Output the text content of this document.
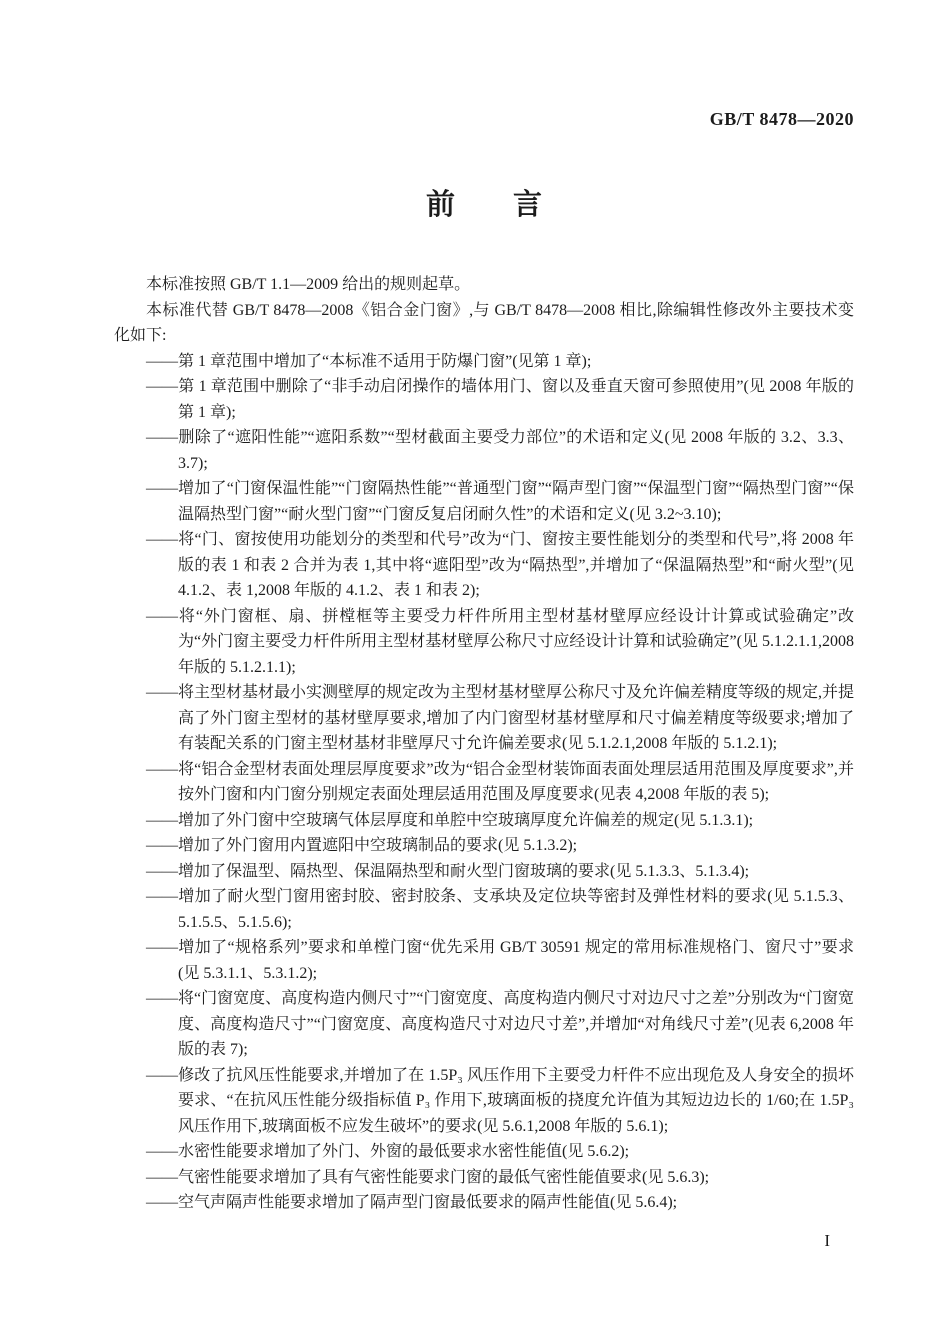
GB/T 8478—2020
前　　言

本标准按照 GB/T 1.1—2009 给出的规则起草。

本标准代替 GB/T 8478—2008《铝合金门窗》,与 GB/T 8478—2008 相比,除编辑性修改外主要技术变化如下:

——第 1 章范围中增加了“本标准不适用于防爆门窗”(见第 1 章);

——第 1 章范围中删除了“非手动启闭操作的墙体用门、窗以及垂直天窗可参照使用”(见 2008 年版的第 1 章);

——删除了“遮阳性能”“遮阳系数”“型材截面主要受力部位”的术语和定义(见 2008 年版的 3.2、3.3、3.7);

——增加了“门窗保温性能”“门窗隔热性能”“普通型门窗”“隔声型门窗”“保温型门窗”“隔热型门窗”“保温隔热型门窗”“耐火型门窗”“门窗反复启闭耐久性”的术语和定义(见 3.2~3.10);

——将“门、窗按使用功能划分的类型和代号”改为“门、窗按主要性能划分的类型和代号”,将 2008 年版的表 1 和表 2 合并为表 1,其中将“遮阳型”改为“隔热型”,并增加了“保温隔热型”和“耐火型”(见 4.1.2、表 1,2008 年版的 4.1.2、表 1 和表 2);

——将“外门窗框、扇、拼樘框等主要受力杆件所用主型材基材壁厚应经设计计算或试验确定”改为“外门窗主要受力杆件所用主型材基材壁厚公称尺寸应经设计计算和试验确定”(见 5.1.2.1.1,2008 年版的 5.1.2.1.1);

——将主型材基材最小实测壁厚的规定改为主型材基材壁厚公称尺寸及允许偏差精度等级的规定,并提高了外门窗主型材的基材壁厚要求,增加了内门窗型材基材壁厚和尺寸偏差精度等级要求;增加了有装配关系的门窗主型材基材非壁厚尺寸允许偏差要求(见 5.1.2.1,2008 年版的 5.1.2.1);

——将“铝合金型材表面处理层厚度要求”改为“铝合金型材装饰面表面处理层适用范围及厚度要求”,并按外门窗和内门窗分别规定表面处理层适用范围及厚度要求(见表 4,2008 年版的表 5);

——增加了外门窗中空玻璃气体层厚度和单腔中空玻璃厚度允许偏差的规定(见 5.1.3.1);

——增加了外门窗用内置遮阳中空玻璃制品的要求(见 5.1.3.2);

——增加了保温型、隔热型、保温隔热型和耐火型门窗玻璃的要求(见 5.1.3.3、5.1.3.4);

——增加了耐火型门窗用密封胶、密封胶条、支承块及定位块等密封及弹性材料的要求(见 5.1.5.3、5.1.5.5、5.1.5.6);

——增加了“规格系列”要求和单樘门窗“优先采用 GB/T 30591 规定的常用标准规格门、窗尺寸”要求(见 5.3.1.1、5.3.1.2);

——将“门窗宽度、高度构造内侧尺寸”“门窗宽度、高度构造内侧尺寸对边尺寸之差”分别改为“门窗宽度、高度构造尺寸”“门窗宽度、高度构造尺寸对边尺寸差”,并增加“对角线尺寸差”(见表 6,2008 年版的表 7);

——修改了抗风压性能要求,并增加了在 1.5P₃ 风压作用下主要受力杆件不应出现危及人身安全的损坏要求、“在抗风压性能分级指标值 P₃ 作用下,玻璃面板的挠度允许值为其短边边长的 1/60;在 1.5P₃ 风压作用下,玻璃面板不应发生破坏”的要求(见 5.6.1,2008 年版的 5.6.1);

——水密性能要求增加了外门、外窗的最低要求水密性能值(见 5.6.2);

——气密性能要求增加了具有气密性能要求门窗的最低气密性能值要求(见 5.6.3);

——空气声隔声性能要求增加了隔声型门窗最低要求的隔声性能值(见 5.6.4);

I
